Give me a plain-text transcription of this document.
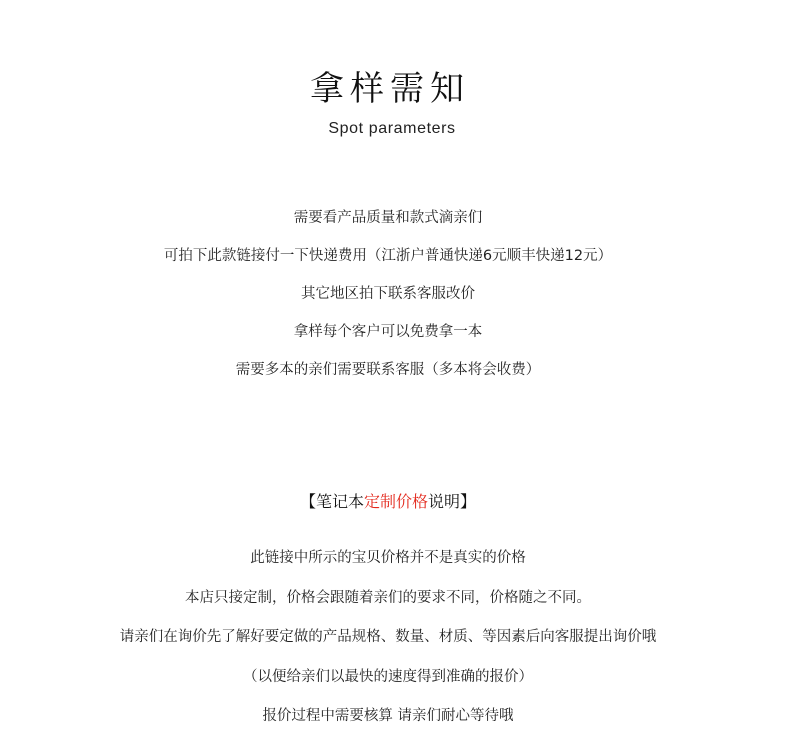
拿样需知
Spot parameters
需要看产品质量和款式滴亲们
可拍下此款链接付一下快递费用（江浙户普通快递6元顺丰快递12元）
其它地区拍下联系客服改价
拿样每个客户可以免费拿一本
需要多本的亲们需要联系客服（多本将会收费）
【笔记本定制价格说明】
此链接中所示的宝贝价格并不是真实的价格
本店只接定制，价格会跟随着亲们的要求不同，价格随之不同。
请亲们在询价先了解好要定做的产品规格、数量、材质、等因素后向客服提出询价哦
（以便给亲们以最快的速度得到准确的报价）
报价过程中需要核算 请亲们耐心等待哦
